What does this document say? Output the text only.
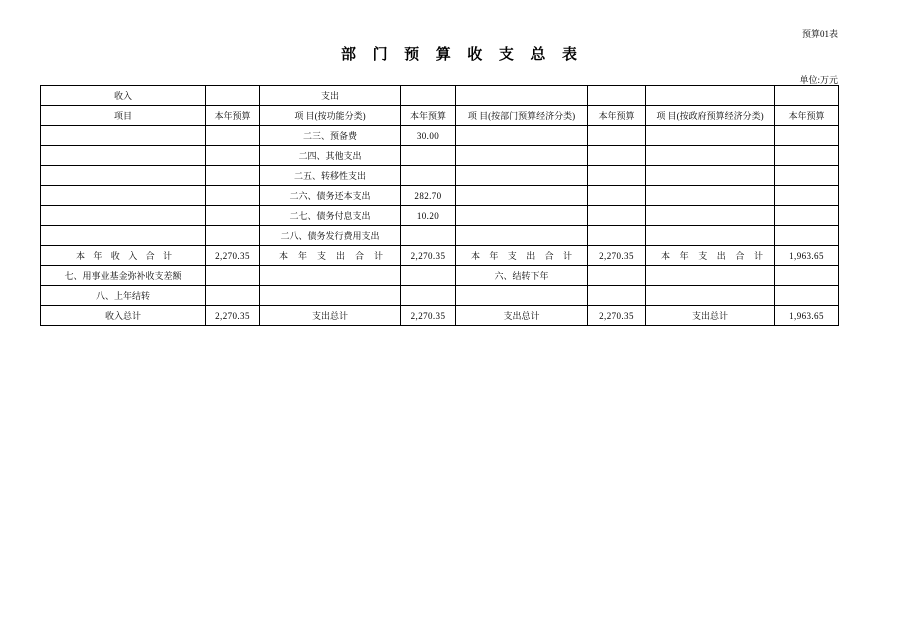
预算01表
部 门 预 算 收 支 总 表
单位:万元
收入		支出					
项目	本年预算	项 目(按功能分类)	本年预算	项 目(按部门预算经济分类)	本年预算	项 目(按政府预算经济分类)	本年预算
		二三、预备费	30.00				
		二四、其他支出					
		二五、转移性支出					
		二六、债务还本支出	282.70				
		二七、债务付息支出	10.20				
		二八、债务发行费用支出					
本 年 收 入 合 计	2,270.35	本 年 支 出 合 计	2,270.35	本 年 支 出 合 计	2,270.35	本 年 支 出 合 计	1,963.65
七、用事业基金弥补收支差额				六、结转下年			
八、上年结转							
收入总计	2,270.35	支出总计	2,270.35	支出总计	2,270.35	支出总计	1,963.65
